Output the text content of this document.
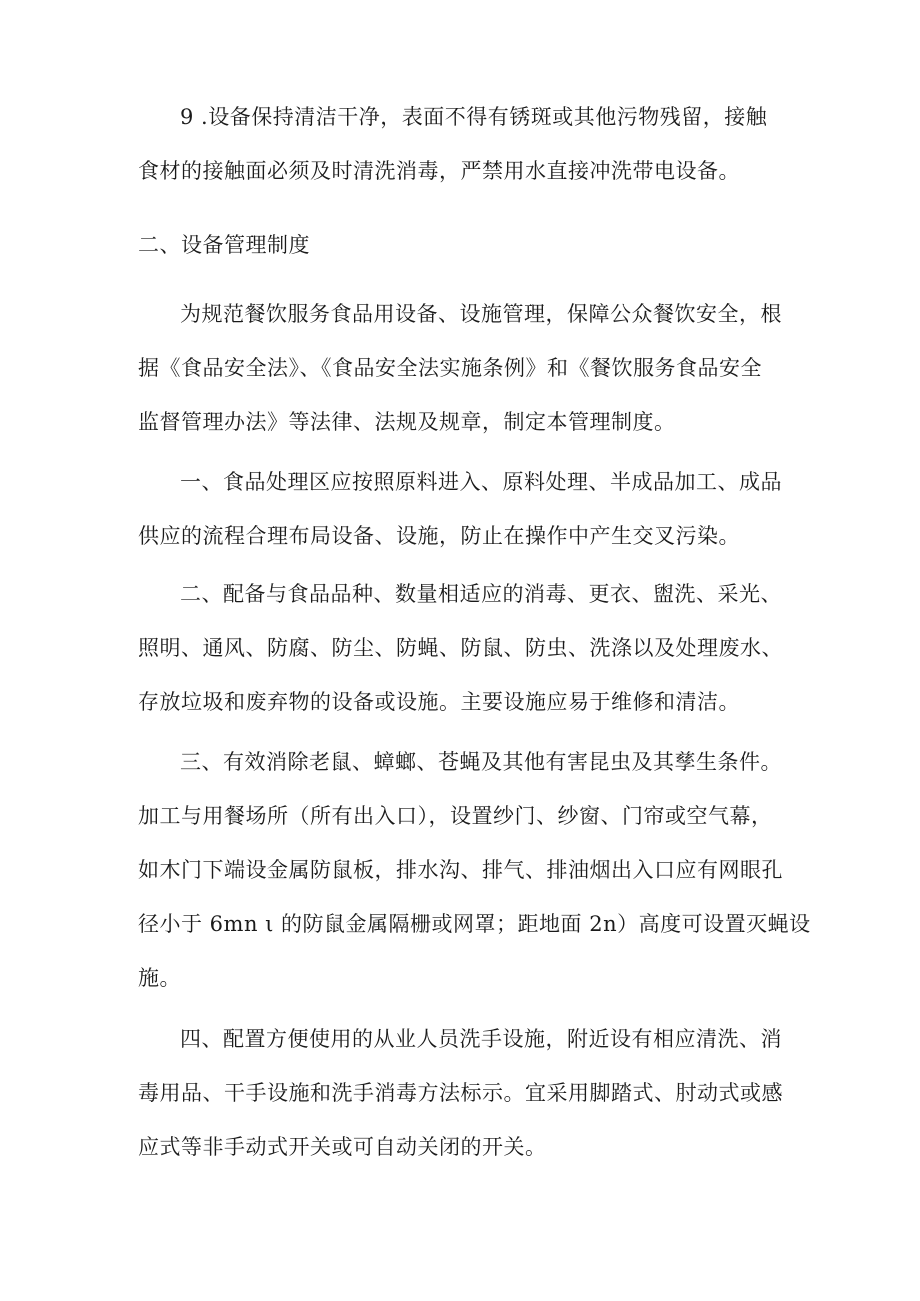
9 .设备保持清洁干净，表面不得有锈斑或其他污物残留，接触
食材的接触面必须及时清洗消毒，严禁用水直接冲洗带电设备。

二、设备管理制度

为规范餐饮服务食品用设备、设施管理，保障公众餐饮安全，根
据《食品安全法》、《食品安全法实施条例》和《餐饮服务食品安全
监督管理办法》等法律、法规及规章，制定本管理制度。

一、食品处理区应按照原料进入、原料处理、半成品加工、成品
供应的流程合理布局设备、设施，防止在操作中产生交叉污染。

二、配备与食品品种、数量相适应的消毒、更衣、盥洗、采光、
照明、通风、防腐、防尘、防蝇、防鼠、防虫、洗涤以及处理废水、
存放垃圾和废弃物的设备或设施。主要设施应易于维修和清洁。

三、有效消除老鼠、蟑螂、苍蝇及其他有害昆虫及其孳生条件。
加工与用餐场所（所有出入口），设置纱门、纱窗、门帘或空气幕，
如木门下端设金属防鼠板，排水沟、排气、排油烟出入口应有网眼孔
径小于 6mn ι 的防鼠金属隔栅或网罩；距地面 2n）高度可设置灭蝇设
施。

四、配置方便使用的从业人员洗手设施，附近设有相应清洗、消
毒用品、干手设施和洗手消毒方法标示。宜采用脚踏式、肘动式或感
应式等非手动式开关或可自动关闭的开关。
